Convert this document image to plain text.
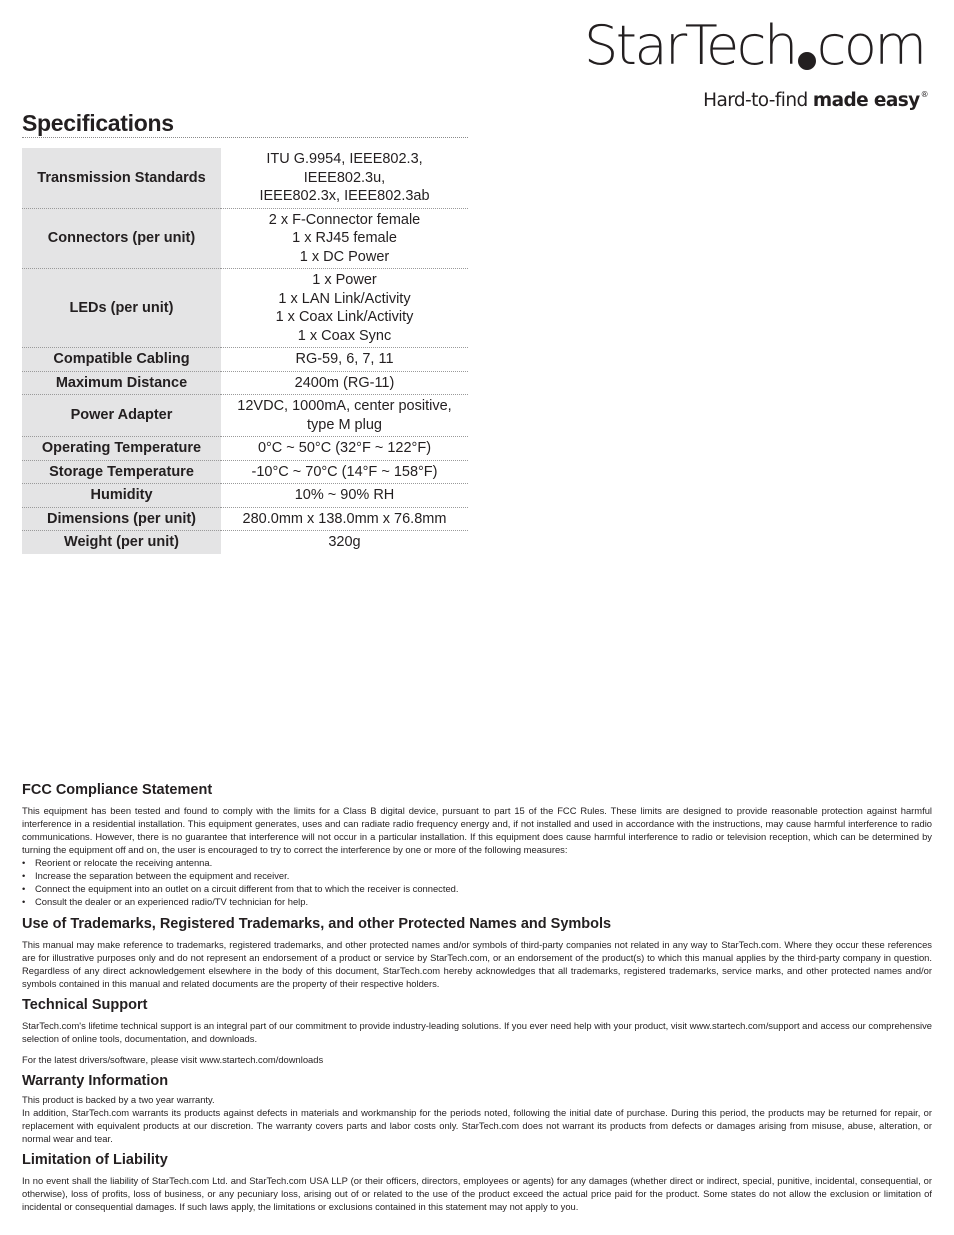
StarTech com
Hard-to-find made easy®
Specifications
Transmission Standards	ITU G.9954, IEEE802.3, IEEE802.3u,
IEEE802.3x, IEEE802.3ab

Connectors (per unit)	2 x F-Connector female
1 x RJ45 female
1 x DC Power

LEDs (per unit)	1 x Power
1 x LAN Link/Activity
1 x Coax Link/Activity
1 x Coax Sync

Compatible Cabling	RG-59, 6, 7, 11

Maximum Distance	2400m (RG-11)

Power Adapter	12VDC, 1000mA, center positive,
type M plug

Operating Temperature	0°C ~ 50°C (32°F ~ 122°F)

Storage Temperature	-10°C ~ 70°C (14°F ~ 158°F)

Humidity	10% ~ 90% RH

Dimensions (per unit)	280.0mm x 138.0mm x 76.8mm

Weight (per unit)	320g
FCC Compliance Statement

This equipment has been tested and found to comply with the limits for a Class B digital device, pursuant to part 15 of the FCC Rules. These limits are designed to provide reasonable protection against harmful interference in a residential installation. This equipment generates, uses and can radiate radio frequency energy and, if not installed and used in accordance with the instructions, may cause harmful interference to radio communications. However, there is no guarantee that interference will not occur in a particular installation. If this equipment does cause harmful interference to radio or television reception, which can be determined by turning the equipment off and on, the user is encouraged to try to correct the interference by one or more of the following measures:

• Reorient or relocate the receiving antenna.
• Increase the separation between the equipment and receiver.
• Connect the equipment into an outlet on a circuit different from that to which the receiver is connected.
• Consult the dealer or an experienced radio/TV technician for help.
Use of Trademarks, Registered Trademarks, and other Protected Names and Symbols

This manual may make reference to trademarks, registered trademarks, and other protected names and/or symbols of third-party companies not related in any way to StarTech.com. Where they occur these references are for illustrative purposes only and do not represent an endorsement of a product or service by StarTech.com, or an endorsement of the product(s) to which this manual applies by the third-party company in question. Regardless of any direct acknowledgement elsewhere in the body of this document, StarTech.com hereby acknowledges that all trademarks, registered trademarks, service marks, and other protected names and/or symbols contained in this manual and related documents are the property of their respective holders.

Technical Support

StarTech.com's lifetime technical support is an integral part of our commitment to provide industry-leading solutions. If you ever need help with your product, visit www.startech.com/support and access our comprehensive selection of online tools, documentation, and downloads.

For the latest drivers/software, please visit www.startech.com/downloads

Warranty Information

This product is backed by a two year warranty.

In addition, StarTech.com warrants its products against defects in materials and workmanship for the periods noted, following the initial date of purchase. During this period, the products may be returned for repair, or replacement with equivalent products at our discretion. The warranty covers parts and labor costs only. StarTech.com does not warrant its products from defects or damages arising from misuse, abuse, alteration, or normal wear and tear.

Limitation of Liability

In no event shall the liability of StarTech.com Ltd. and StarTech.com USA LLP (or their officers, directors, employees or agents) for any damages (whether direct or indirect, special, punitive, incidental, consequential, or otherwise), loss of profits, loss of business, or any pecuniary loss, arising out of or related to the use of the product exceed the actual price paid for the product. Some states do not allow the exclusion or limitation of incidental or consequential damages. If such laws apply, the limitations or exclusions contained in this statement may not apply to you.
